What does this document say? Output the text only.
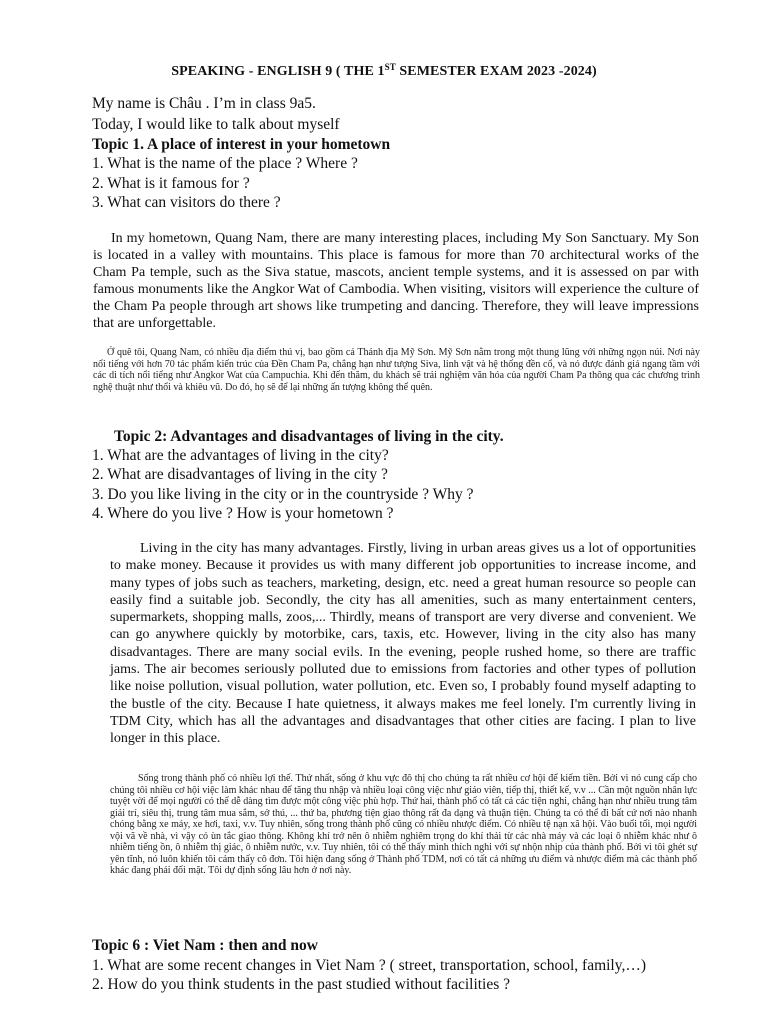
SPEAKING - ENGLISH 9 ( THE 1ST SEMESTER EXAM 2023 -2024)
My name is Châu . I’m in class 9a5.
Today, I would like to talk about myself
Topic 1. A place of interest in your hometown
1. What is the name of the place ? Where ?
2. What is it famous for ?
3. What can visitors do there ?
In my hometown, Quang Nam, there are many interesting places, including My Son Sanctuary. My Son is located in a valley with mountains. This place is famous for more than 70 architectural works of the Cham Pa temple, such as the Siva statue, mascots, ancient temple systems, and it is assessed on par with famous monuments like the Angkor Wat of Cambodia. When visiting, visitors will experience the culture of the Cham Pa people through art shows like trumpeting and dancing. Therefore, they will leave impressions that are unforgettable.
Ở quê tôi, Quang Nam, có nhiều địa điểm thú vị, bao gồm cả Thánh địa Mỹ Sơn. Mỹ Sơn nằm trong một thung lũng với những ngọn núi. Nơi này nổi tiếng với hơn 70 tác phẩm kiến trúc của Đền Cham Pa, chẳng hạn như tượng Siva, linh vật và hệ thống đền cổ, và nó được đánh giá ngang tầm với các di tích nổi tiếng như Angkor Wat của Campuchia. Khi đến thăm, du khách sẽ trải nghiệm văn hóa của người Cham Pa thông qua các chương trình nghệ thuật như thổi và khiêu vũ. Do đó, họ sẽ để lại những ấn tượng không thể quên.
Topic 2: Advantages and disadvantages of living in the city.
1. What are the advantages of living in the city?
2. What are disadvantages of living in the city ?
3. Do you like living in the city or in the countryside ? Why ?
4. Where do you live ? How is your hometown ?
Living in the city has many advantages. Firstly, living in urban areas gives us a lot of opportunities to make money. Because it provides us with many different job opportunities to increase income, and many types of jobs such as teachers, marketing, design, etc. need a great human resource so people can easily find a suitable job. Secondly, the city has all amenities, such as many entertainment centers, supermarkets, shopping malls, zoos,... Thirdly, means of transport are very diverse and convenient. We can go anywhere quickly by motorbike, cars, taxis, etc. However, living in the city also has many disadvantages. There are many social evils. In the evening, people rushed home, so there are traffic jams. The air becomes seriously polluted due to emissions from factories and other types of pollution like noise pollution, visual pollution, water pollution, etc. Even so, I probably found myself adapting to the bustle of the city. Because I hate quietness, it always makes me feel lonely. I'm currently living in TDM City, which has all the advantages and disadvantages that other cities are facing. I plan to live longer in this place.
Sống trong thành phố có nhiều lợi thế. Thứ nhất, sống ở khu vực đô thị cho chúng ta rất nhiều cơ hội để kiếm tiền. Bởi vì nó cung cấp cho chúng tôi nhiều cơ hội việc làm khác nhau để tăng thu nhập và nhiều loại công việc như giáo viên, tiếp thị, thiết kế, v.v ... Cần một nguồn nhân lực tuyệt vời để mọi người có thể dễ dàng tìm được một công việc phù hợp. Thứ hai, thành phố có tất cả các tiện nghi, chẳng hạn như nhiều trung tâm giải trí, siêu thị, trung tâm mua sắm, sở thú, ... thứ ba, phương tiện giao thông rất đa dạng và thuận tiện. Chúng ta có thể đi bất cứ nơi nào nhanh chóng bằng xe máy, xe hơi, taxi, v.v. Tuy nhiên, sống trong thành phố cũng có nhiều nhược điểm. Có nhiều tệ nạn xã hội. Vào buổi tối, mọi người vội vã về nhà, vì vậy có ùn tắc giao thông. Không khí trở nên ô nhiễm nghiêm trọng do khí thải từ các nhà máy và các loại ô nhiễm khác như ô nhiễm tiếng ồn, ô nhiễm thị giác, ô nhiễm nước, v.v. Tuy nhiên, tôi có thể thấy mình thích nghi với sự nhộn nhịp của thành phố. Bởi vì tôi ghét sự yên tĩnh, nó luôn khiến tôi cảm thấy cô đơn. Tôi hiện đang sống ở Thành phố TDM, nơi có tất cả những ưu điểm và nhược điểm mà các thành phố khác đang phải đối mặt. Tôi dự định sống lâu hơn ở nơi này.
Topic 6 : Viet Nam : then and now
1. What are some recent changes in Viet Nam ? ( street, transportation, school, family,…)
2. How do you think students in the past studied without facilities ?
